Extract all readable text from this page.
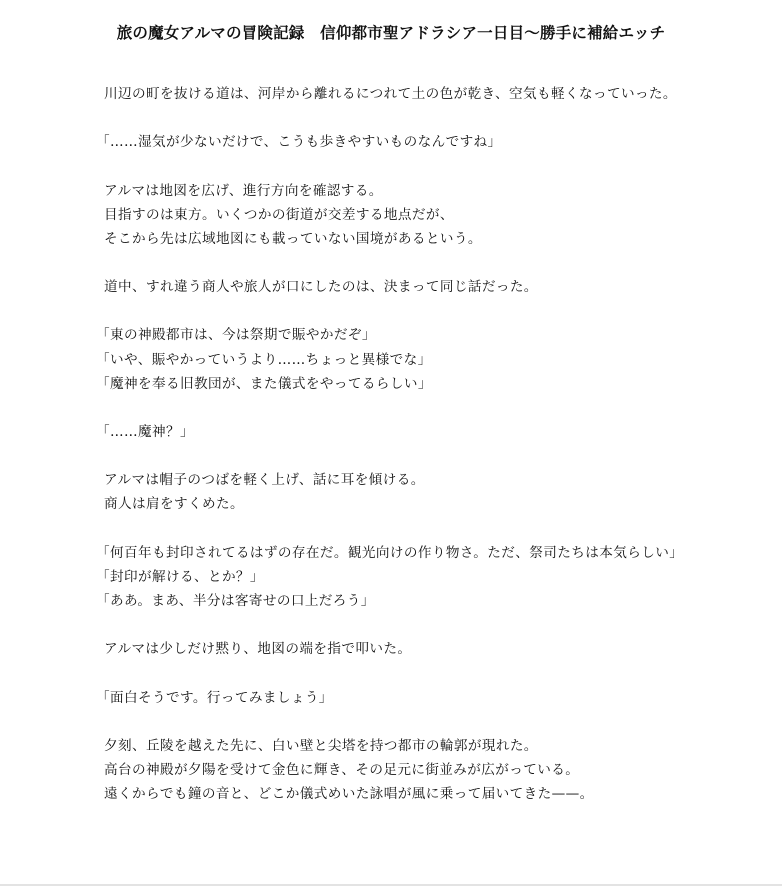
旅の魔女アルマの冒険記録　信仰都市聖アドラシア一日目〜勝手に補給エッチ
川辺の町を抜ける道は、河岸から離れるにつれて土の色が乾き、空気も軽くなっていった。
「……湿気が少ないだけで、こうも歩きやすいものなんですね」
アルマは地図を広げ、進行方向を確認する。
目指すのは東方。いくつかの街道が交差する地点だが、
そこから先は広域地図にも載っていない国境があるという。
道中、すれ違う商人や旅人が口にしたのは、決まって同じ話だった。
「東の神殿都市は、今は祭期で賑やかだぞ」
「いや、賑やかっていうより……ちょっと異様でな」
「魔神を奉る旧教団が、また儀式をやってるらしい」
「……魔神？」
アルマは帽子のつばを軽く上げ、話に耳を傾ける。
商人は肩をすくめた。
「何百年も封印されてるはずの存在だ。観光向けの作り物さ。ただ、祭司たちは本気らしい」
「封印が解ける、とか？」
「ああ。まあ、半分は客寄せの口上だろう」
アルマは少しだけ黙り、地図の端を指で叩いた。
「面白そうです。行ってみましょう」
夕刻、丘陵を越えた先に、白い壁と尖塔を持つ都市の輪郭が現れた。
高台の神殿が夕陽を受けて金色に輝き、その足元に街並みが広がっている。
遠くからでも鐘の音と、どこか儀式めいた詠唱が風に乗って届いてきた——。
